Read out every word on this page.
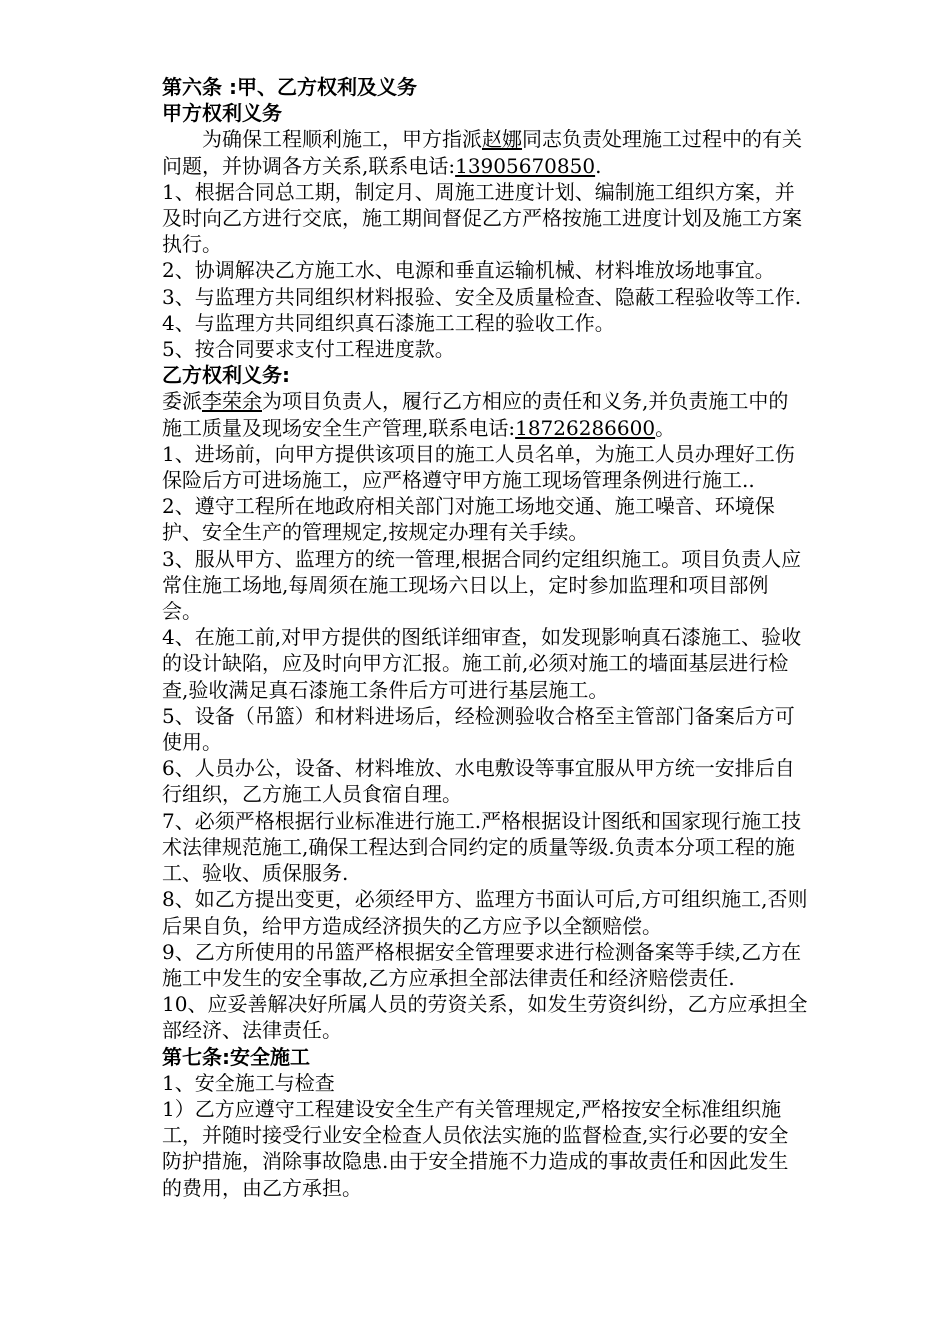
第六条 :甲、乙方权利及义务

甲方权利义务

为确保工程顺利施工，甲方指派赵娜同志负责处理施工过程中的有关问题，并协调各方关系,联系电话:13905670850.

1、根据合同总工期，制定月、周施工进度计划、编制施工组织方案，并及时向乙方进行交底，施工期间督促乙方严格按施工进度计划及施工方案执行。

2、协调解决乙方施工水、电源和垂直运输机械、材料堆放场地事宜。

3、与监理方共同组织材料报验、安全及质量检查、隐蔽工程验收等工作.

4、与监理方共同组织真石漆施工工程的验收工作。

5、按合同要求支付工程进度款。

乙方权利义务:

委派李荣余为项目负责人，履行乙方相应的责任和义务,并负责施工中的施工质量及现场安全生产管理,联系电话:18726286600。

1、进场前，向甲方提供该项目的施工人员名单，为施工人员办理好工伤保险后方可进场施工，应严格遵守甲方施工现场管理条例进行施工..

2、遵守工程所在地政府相关部门对施工场地交通、施工噪音、环境保护、安全生产的管理规定,按规定办理有关手续。

3、服从甲方、监理方的统一管理,根据合同约定组织施工。项目负责人应常住施工场地,每周须在施工现场六日以上，定时参加监理和项目部例会。

4、在施工前,对甲方提供的图纸详细审查，如发现影响真石漆施工、验收的设计缺陷，应及时向甲方汇报。施工前,必须对施工的墙面基层进行检查,验收满足真石漆施工条件后方可进行基层施工。

5、设备（吊篮）和材料进场后，经检测验收合格至主管部门备案后方可使用。

6、人员办公，设备、材料堆放、水电敷设等事宜服从甲方统一安排后自行组织，乙方施工人员食宿自理。

7、必须严格根据行业标准进行施工.严格根据设计图纸和国家现行施工技术法律规范施工,确保工程达到合同约定的质量等级.负责本分项工程的施工、验收、质保服务.

8、如乙方提出变更，必须经甲方、监理方书面认可后,方可组织施工,否则后果自负，给甲方造成经济损失的乙方应予以全额赔偿。

9、乙方所使用的吊篮严格根据安全管理要求进行检测备案等手续,乙方在施工中发生的安全事故,乙方应承担全部法律责任和经济赔偿责任.

10、应妥善解决好所属人员的劳资关系，如发生劳资纠纷，乙方应承担全部经济、法律责任。

第七条:安全施工

1、安全施工与检查

1）乙方应遵守工程建设安全生产有关管理规定,严格按安全标准组织施工，并随时接受行业安全检查人员依法实施的监督检查,实行必要的安全防护措施，消除事故隐患.由于安全措施不力造成的事故责任和因此发生的费用，由乙方承担。
